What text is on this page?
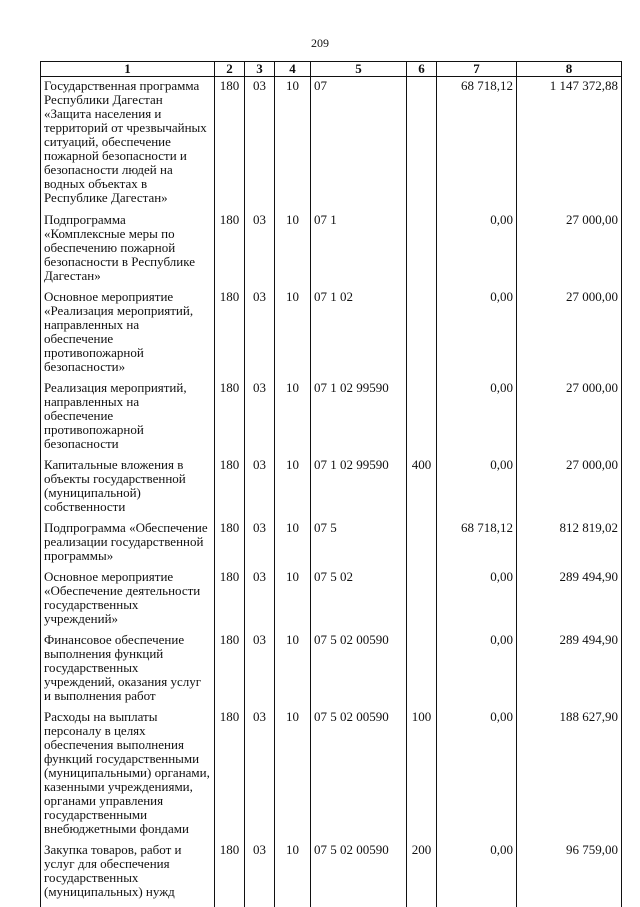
209
1	2	3	4	5	6	7	8
Государственная программа Республики Дагестан «Защита населения и территорий от чрезвычайных ситуаций, обеспечение пожарной безопасности и безопасности людей на водных объектах в Республике Дагестан»	180	03	10	07		68 718,12	1 147 372,88
Подпрограмма «Комплексные меры по обеспечению пожарной безопасности в Республике Дагестан»	180	03	10	07 1		0,00	27 000,00
Основное мероприятие «Реализация мероприятий, направленных на обеспечение противопожарной безопасности»	180	03	10	07 1 02		0,00	27 000,00
Реализация мероприятий, направленных на обеспечение противопожарной безопасности	180	03	10	07 1 02 99590		0,00	27 000,00
Капитальные вложения в объекты государственной (муниципальной) собственности	180	03	10	07 1 02 99590	400	0,00	27 000,00
Подпрограмма «Обеспечение реализации государственной программы»	180	03	10	07 5		68 718,12	812 819,02
Основное мероприятие «Обеспечение деятельности государственных учреждений»	180	03	10	07 5 02		0,00	289 494,90
Финансовое обеспечение выполнения функций государственных учреждений, оказания услуг и выполнения работ	180	03	10	07 5 02 00590		0,00	289 494,90
Расходы на выплаты персоналу в целях обеспечения выполнения функций государственными (муниципальными) органами, казенными учреждениями, органами управления государственными внебюджетными фондами	180	03	10	07 5 02 00590	100	0,00	188 627,90
Закупка товаров, работ и услуг для обеспечения государственных (муниципальных) нужд	180	03	10	07 5 02 00590	200	0,00	96 759,00
